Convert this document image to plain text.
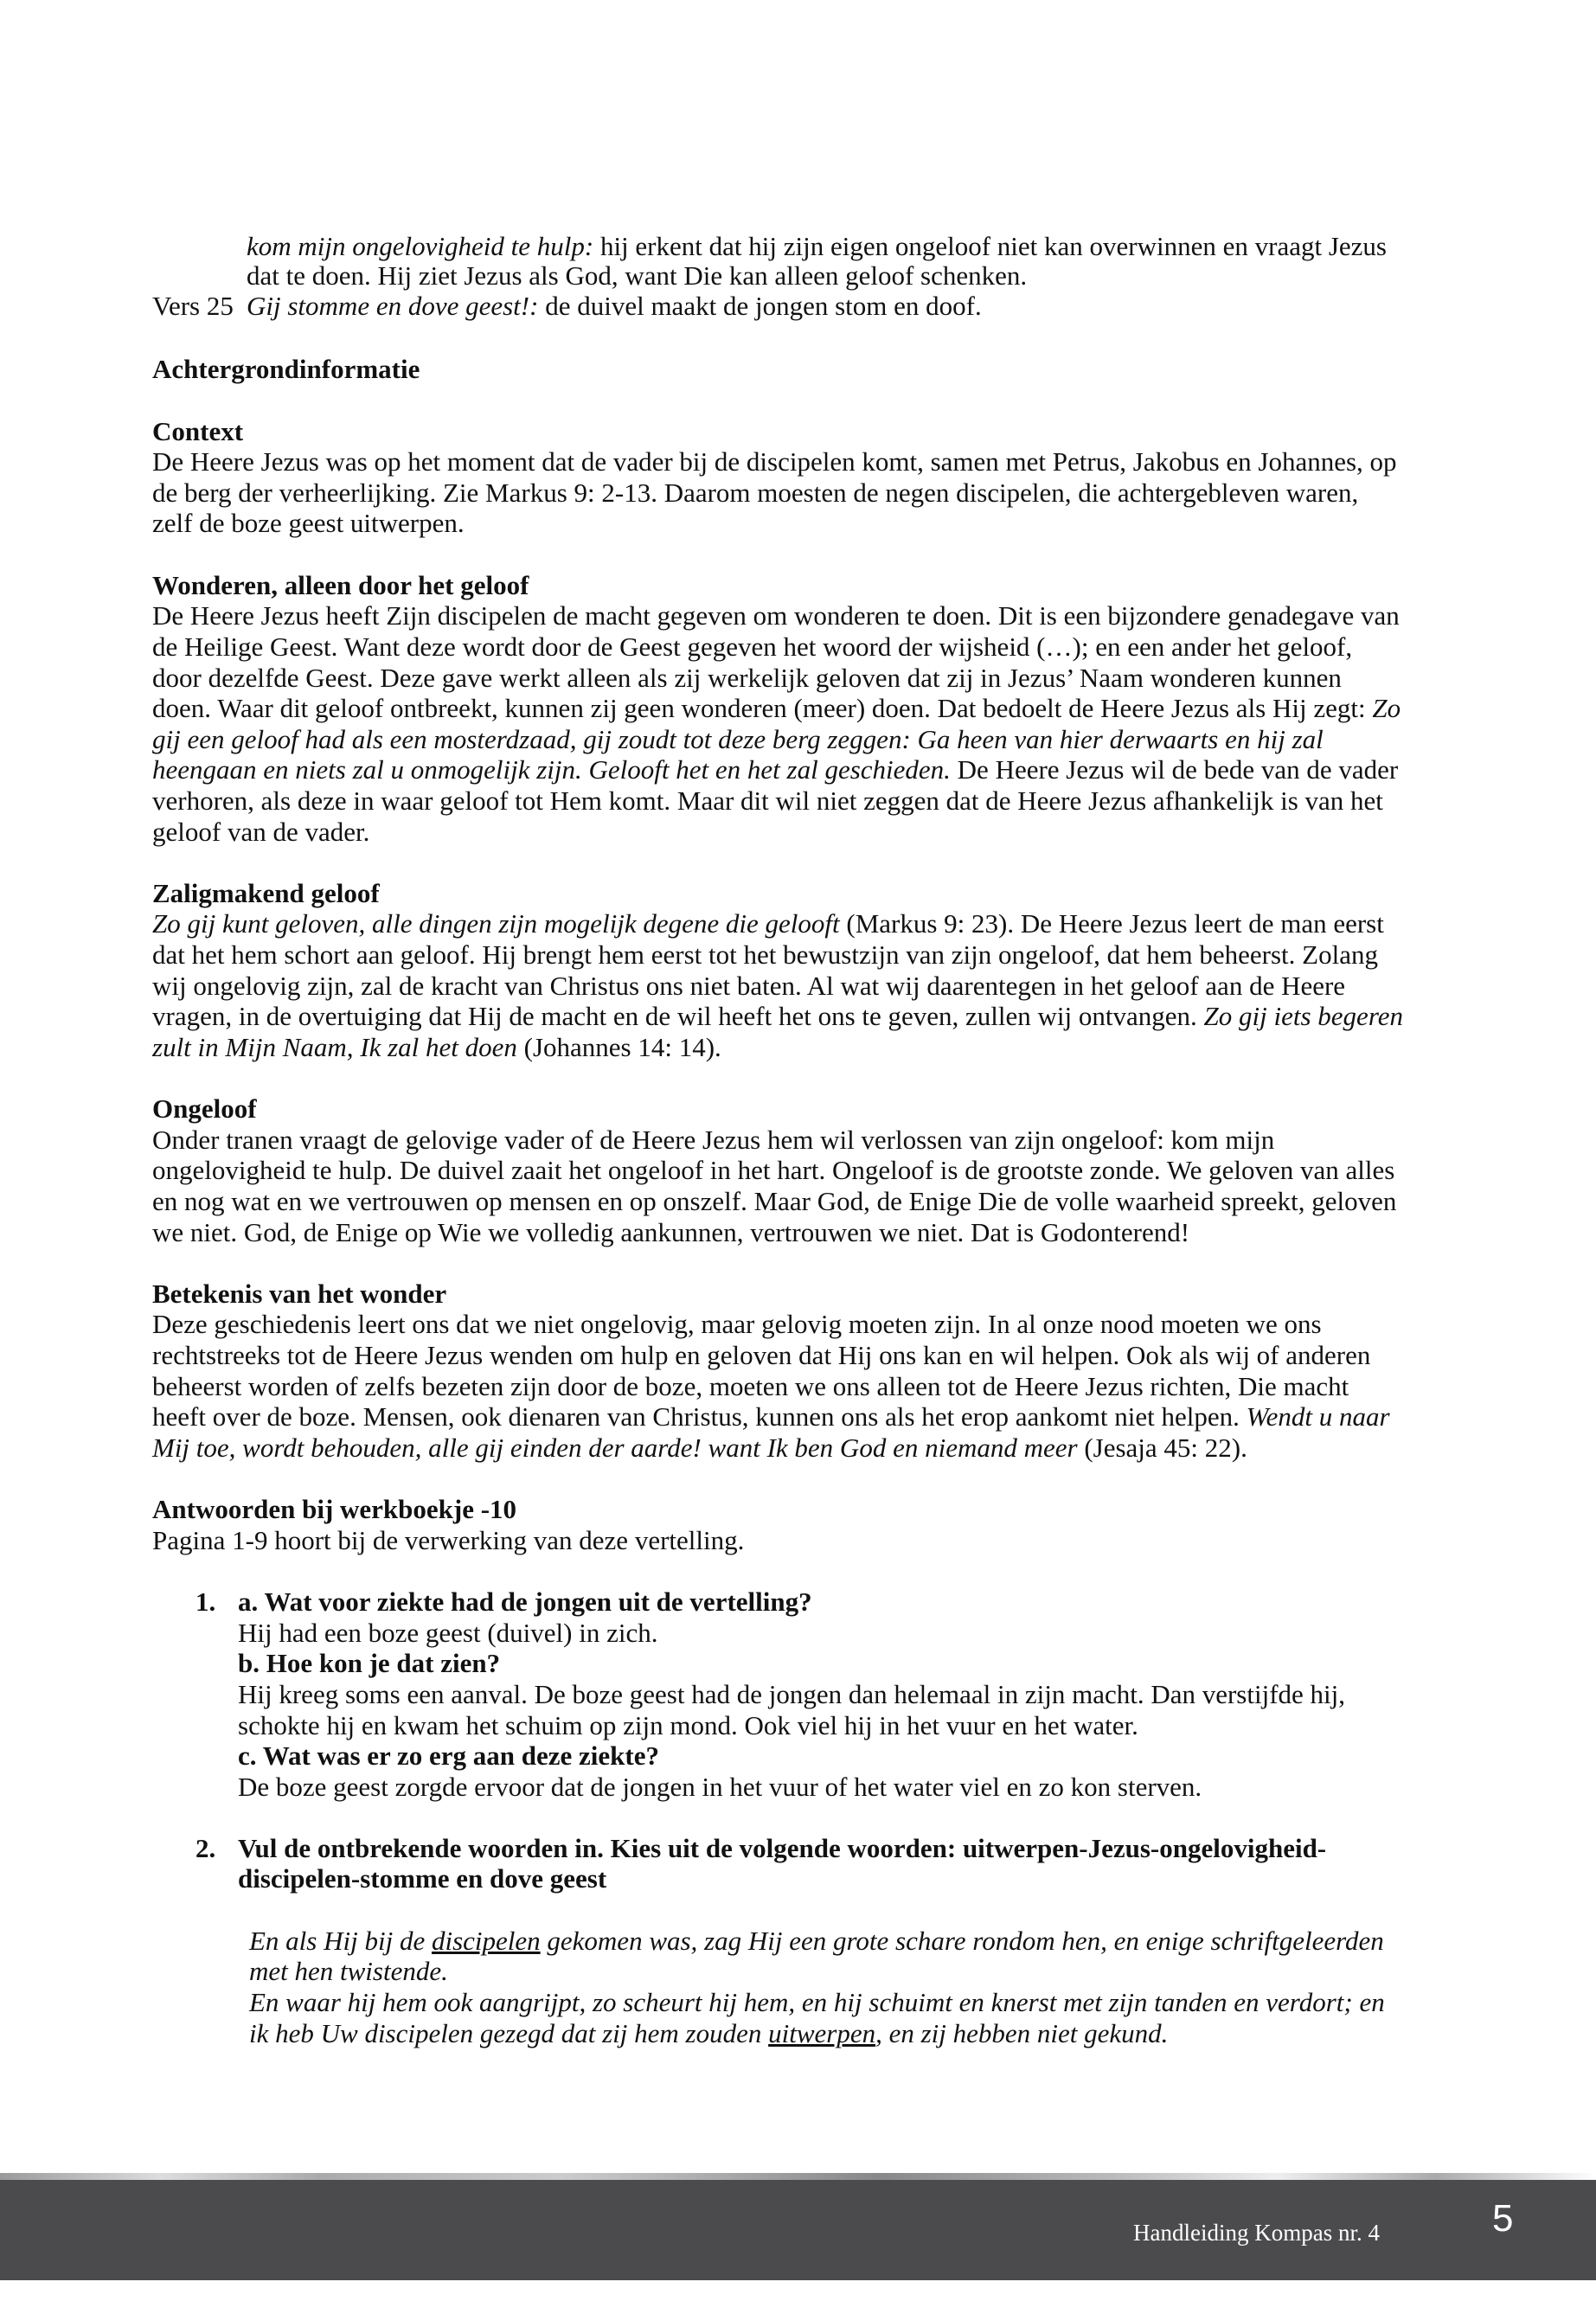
kom mijn ongelovigheid te hulp: hij erkent dat hij zijn eigen ongeloof niet kan overwinnen en vraagt Jezus
dat te doen. Hij ziet Jezus als God, want Die kan alleen geloof schenken.
Vers 25 Gij stomme en dove geest!: de duivel maakt de jongen stom en doof.
Achtergrondinformatie
Context
De Heere Jezus was op het moment dat de vader bij de discipelen komt, samen met Petrus, Jakobus en Johannes, op
de berg der verheerlijking. Zie Markus 9: 2-13. Daarom moesten de negen discipelen, die achtergebleven waren,
zelf de boze geest uitwerpen.
Wonderen, alleen door het geloof
De Heere Jezus heeft Zijn discipelen de macht gegeven om wonderen te doen. Dit is een bijzondere genadegave van
de Heilige Geest. Want deze wordt door de Geest gegeven het woord der wijsheid (…); en een ander het geloof,
door dezelfde Geest. Deze gave werkt alleen als zij werkelijk geloven dat zij in Jezus’ Naam wonderen kunnen
doen. Waar dit geloof ontbreekt, kunnen zij geen wonderen (meer) doen. Dat bedoelt de Heere Jezus als Hij zegt: Zo
gij een geloof had als een mosterdzaad, gij zoudt tot deze berg zeggen: Ga heen van hier derwaarts en hij zal
heengaan en niets zal u onmogelijk zijn. Gelooft het en het zal geschieden. De Heere Jezus wil de bede van de vader
verhoren, als deze in waar geloof tot Hem komt. Maar dit wil niet zeggen dat de Heere Jezus afhankelijk is van het
geloof van de vader.
Zaligmakend geloof
Zo gij kunt geloven, alle dingen zijn mogelijk degene die gelooft (Markus 9: 23). De Heere Jezus leert de man eerst
dat het hem schort aan geloof. Hij brengt hem eerst tot het bewustzijn van zijn ongeloof, dat hem beheerst. Zolang
wij ongelovig zijn, zal de kracht van Christus ons niet baten. Al wat wij daarentegen in het geloof aan de Heere
vragen, in de overtuiging dat Hij de macht en de wil heeft het ons te geven, zullen wij ontvangen. Zo gij iets begeren
zult in Mijn Naam, Ik zal het doen (Johannes 14: 14).
Ongeloof
Onder tranen vraagt de gelovige vader of de Heere Jezus hem wil verlossen van zijn ongeloof: kom mijn
ongelovigheid te hulp. De duivel zaait het ongeloof in het hart. Ongeloof is de grootste zonde. We geloven van alles
en nog wat en we vertrouwen op mensen en op onszelf. Maar God, de Enige Die de volle waarheid spreekt, geloven
we niet. God, de Enige op Wie we volledig aankunnen, vertrouwen we niet. Dat is Godonterend!
Betekenis van het wonder
Deze geschiedenis leert ons dat we niet ongelovig, maar gelovig moeten zijn. In al onze nood moeten we ons
rechtstreeks tot de Heere Jezus wenden om hulp en geloven dat Hij ons kan en wil helpen. Ook als wij of anderen
beheerst worden of zelfs bezeten zijn door de boze, moeten we ons alleen tot de Heere Jezus richten, Die macht
heeft over de boze. Mensen, ook dienaren van Christus, kunnen ons als het erop aankomt niet helpen. Wendt u naar
Mij toe, wordt behouden, alle gij einden der aarde! want Ik ben God en niemand meer (Jesaja 45: 22).
Antwoorden bij werkboekje -10
Pagina 1-9 hoort bij de verwerking van deze vertelling.
1. a. Wat voor ziekte had de jongen uit de vertelling?
Hij had een boze geest (duivel) in zich.
b. Hoe kon je dat zien?
Hij kreeg soms een aanval. De boze geest had de jongen dan helemaal in zijn macht. Dan verstijfde hij,
schokte hij en kwam het schuim op zijn mond. Ook viel hij in het vuur en het water.
c. Wat was er zo erg aan deze ziekte?
De boze geest zorgde ervoor dat de jongen in het vuur of het water viel en zo kon sterven.
2. Vul de ontbrekende woorden in. Kies uit de volgende woorden: uitwerpen-Jezus-ongelovigheid-
discipelen-stomme en dove geest
En als Hij bij de discipelen gekomen was, zag Hij een grote schare rondom hen, en enige schriftgeleerden
met hen twistende.
En waar hij hem ook aangrijpt, zo scheurt hij hem, en hij schuimt en knerst met zijn tanden en verdort; en
ik heb Uw discipelen gezegd dat zij hem zouden uitwerpen, en zij hebben niet gekund.
Handleiding Kompas nr. 4	5
